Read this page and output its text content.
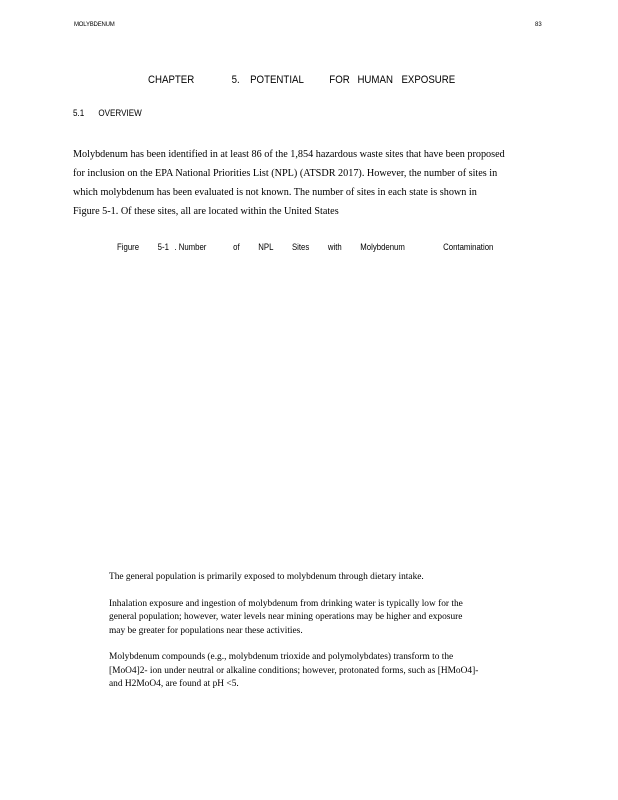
MOLYBDENUM	83
CHAPTER	5. POTENTIAL FOR HUMAN EXPOSURE
5.1 OVERVIEW
Molybdenum has been identified in at least 86 of the 1,854 hazardous waste sites that have been proposed
for inclusion on the EPA National Priorities List (NPL) (ATSDR 2017). However, the number of sites in
which molybdenum has been evaluated is not known. The number of sites in each state is shown in
Figure 5-1. Of these sites, all are located within the United States
Figure 5-1 . Number	of NPL Sites with Molybdenum	Contamination
The general population is primarily exposed to molybdenum through dietary intake.
Inhalation exposure and ingestion of molybdenum from drinking water is typically low for the
general population; however, water levels near mining operations may be higher and exposure
may be greater for populations near these activities.
Molybdenum compounds (e.g., molybdenum trioxide and polymolybdates) transform to the
[MoO4]2- ion under neutral or alkaline conditions; however, protonated forms, such as [HMoO4]-
and H2MoO4, are found at pH <5.
